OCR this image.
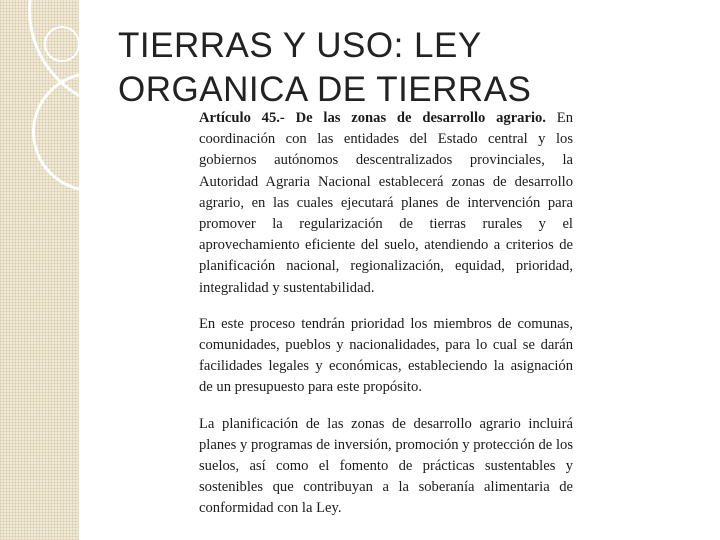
TIERRAS Y USO: LEY
ORGANICA DE TIERRAS

Artículo 45.- De las zonas de desarrollo agrario. En coordinación con las entidades del Estado central y los gobiernos autónomos descentralizados provinciales, la Autoridad Agraria Nacional establecerá zonas de desarrollo agrario, en las cuales ejecutará planes de intervención para promover la regularización de tierras rurales y el aprovechamiento eficiente del suelo, atendiendo a criterios de planificación nacional, regionalización, equidad, prioridad, integralidad y sustentabilidad.

En este proceso tendrán prioridad los miembros de comunas, comunidades, pueblos y nacionalidades, para lo cual se darán facilidades legales y económicas, estableciendo la asignación de un presupuesto para este propósito.

La planificación de las zonas de desarrollo agrario incluirá planes y programas de inversión, promoción y protección de los suelos, así como el fomento de prácticas sustentables y sostenibles que contribuyan a la soberanía alimentaria de conformidad con la Ley.
